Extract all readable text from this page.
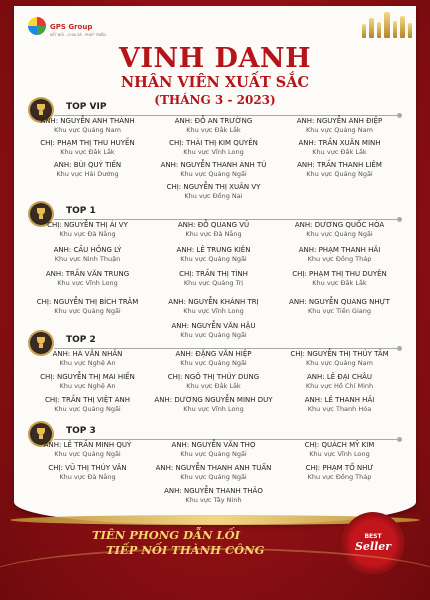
GPS Group
KẾT NỐI - CHIA SẺ - PHÁT TRIỂN
VINH DANH
NHÂN VIÊN XUẤT SẮC
(THÁNG 3 - 2023)
TOP VIP
ANH: NGUYỄN ANH THÀNH
Khu vực Quảng Nam
ANH: ĐỖ AN TRƯỜNG
Khu vực Đắk Lắk
ANH: NGUYỄN ANH ĐIỆP
Khu vực Quảng Nam
CHỊ: PHẠM THỊ THU HUYỀN
Khu vực Đắk Lắk
CHỊ: THÁI THỊ KIM QUYÊN
Khu vực Vĩnh Long
ANH: TRẦN XUÂN MINH
Khu vực Đắk Lắk
ANH: BÙI QUÝ TIẾN
Khu vực Hải Dương
ANH: NGUYỄN THANH ANH TÚ
Khu vực Quảng Ngãi
ANH: TRẦN THANH LIÊM
Khu vực Quảng Ngãi
CHỊ: NGUYỄN THỊ XUÂN VY
Khu vực Đồng Nai
TOP 1
CHỊ: NGUYỄN THỊ ÁI VY
Khu vực Đà Nẵng
ANH: ĐỖ QUANG VŨ
Khu vực Đà Nẵng
ANH: DƯƠNG QUỐC HÒA
Khu vực Quảng Ngãi
ANH: CẦU HỒNG LÝ
Khu vực Ninh Thuận
ANH: LÊ TRUNG KIÊN
Khu vực Quảng Ngãi
ANH: PHẠM THANH HẢI
Khu vực Đồng Tháp
ANH: TRẦN VĂN TRUNG
Khu vực Vĩnh Long
CHỊ: TRẦN THỊ TÌNH
Khu vực Quảng Trị
CHỊ: PHẠM THỊ THU DUYÊN
Khu vực Đắk Lắk
CHỊ: NGUYỄN THỊ BÍCH TRÂM
Khu vực Quảng Ngãi
ANH: NGUYỄN KHÁNH TRỊ
Khu vực Vĩnh Long
ANH: NGUYỄN QUANG NHỰT
Khu vực Tiền Giang
ANH: NGUYỄN VĂN HẬU
Khu vực Quảng Ngãi
TOP 2
ANH: HÀ VĂN NHÂN
Khu vực Nghệ An
ANH: ĐẶNG VĂN HIỆP
Khu vực Quảng Ngãi
CHỊ: NGUYỄN THỊ THÚY TÂM
Khu vực Quảng Nam
CHỊ: NGUYỄN THỊ MAI HIỀN
Khu vực Nghệ An
CHỊ: NGÔ THỊ THÚY DUNG
Khu vực Đắk Lắk
ANH: LÊ ĐẠI CHÂU
Khu vực Hồ Chí Minh
CHỊ: TRẦN THỊ VIỆT ANH
Khu vực Quảng Ngãi
ANH: DƯƠNG NGUYỄN MINH DUY
Khu vực Vĩnh Long
ANH: LÊ THANH HẢI
Khu vực Thanh Hóa
TOP 3
ANH: LÊ TRẦN MINH QUÝ
Khu vực Quảng Ngãi
ANH: NGUYỄN VĂN THỌ
Khu vực Quảng Ngãi
CHỊ: QUÁCH MỸ KIM
Khu vực Vĩnh Long
CHỊ: VŨ THỊ THÚY VÂN
Khu vực Đà Nẵng
ANH: NGUYỄN THANH ANH TUẤN
Khu vực Quảng Ngãi
CHỊ: PHẠM TỐ NHƯ
Khu vực Đồng Tháp
ANH: NGUYỄN THANH THẢO
Khu vực Tây Ninh
TIÊN PHONG DẪN LỐI
TIẾP NỐI THÀNH CÔNG
BEST
Seller
